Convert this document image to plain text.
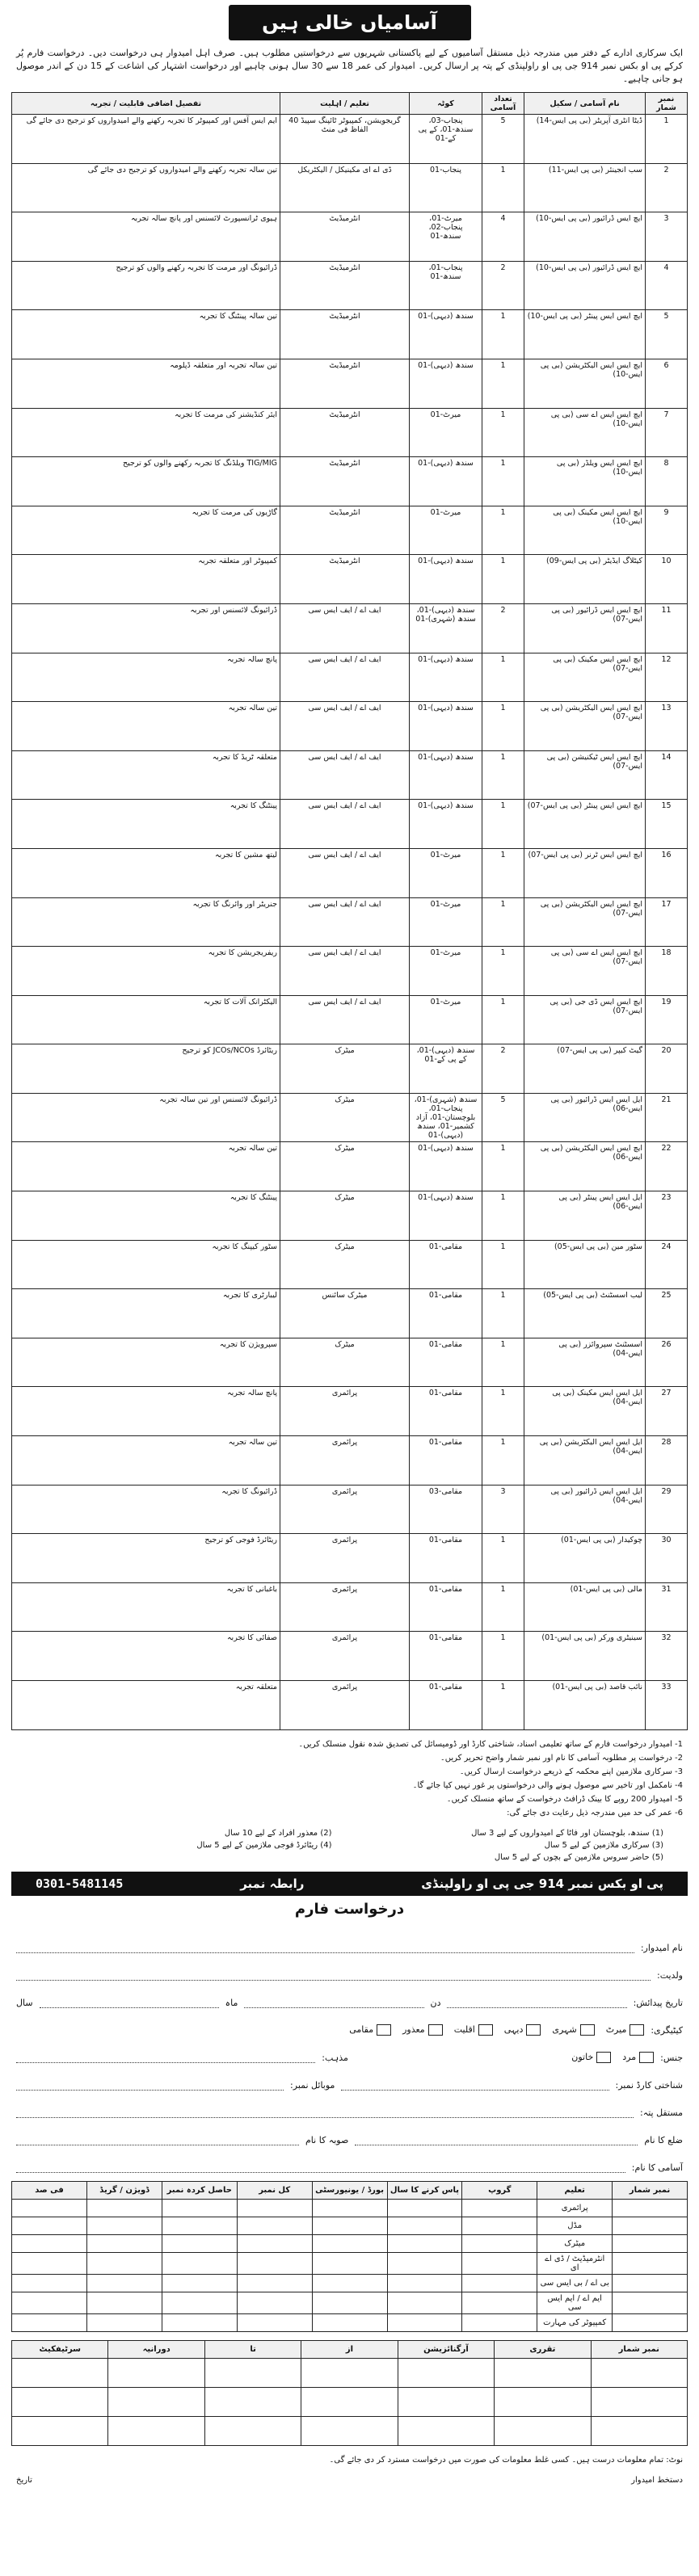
آسامیاں خالی ہیں

ایک سرکاری ادارے کے دفتر میں مندرجہ ذیل مستقل آسامیوں کے لیے پاکستانی شہریوں سے درخواستیں مطلوب ہیں۔ صرف اہل امیدوار ہی درخواست دیں۔ درخواست فارم پُر کرکے پی او بکس نمبر 914 جی پی او راولپنڈی کے پتہ پر ارسال کریں۔ امیدوار کی عمر 18 سے 30 سال ہونی چاہیے اور درخواست اشتہار کی اشاعت کے 15 دن کے اندر موصول ہو جانی چاہیے۔

نمبر شمار	نام آسامی / سکیل	تعداد آسامی	کوٹہ	تعلیم / اہلیت	تفصیل اضافی قابلیت / تجربہ
1	ڈیٹا انٹری آپریٹر (بی پی ایس-14)	5	پنجاب-03، سندھ-01، کے پی کے-01	گریجویشن، کمپیوٹر ٹائپنگ سپیڈ 40 الفاظ فی منٹ	ایم ایس آفس اور کمپیوٹر کا تجربہ رکھنے والے امیدواروں کو ترجیح دی جائے گی
2	سب انجینئر (بی پی ایس-11)	1	پنجاب-01	ڈی اے ای مکینیکل / الیکٹریکل	تین سالہ تجربہ رکھنے والے امیدواروں کو ترجیح دی جائے گی
3	ایچ ایس ڈرائیور (بی پی ایس-10)	4	میرٹ-01، پنجاب-02، سندھ-01	انٹرمیڈیٹ	ہیوی ٹرانسپورٹ لائسنس اور پانچ سالہ تجربہ
4	ایچ ایس ڈرائیور (بی پی ایس-10)	2	پنجاب-01، سندھ-01	انٹرمیڈیٹ	ڈرائیونگ اور مرمت کا تجربہ رکھنے والوں کو ترجیح
5	ایچ ایس ایس پینٹر (بی پی ایس-10)	1	سندھ (دیہی)-01	انٹرمیڈیٹ	تین سالہ پینٹنگ کا تجربہ
6	ایچ ایس ایس الیکٹریشن (بی پی ایس-10)	1	سندھ (دیہی)-01	انٹرمیڈیٹ	تین سالہ تجربہ اور متعلقہ ڈپلومہ
7	ایچ ایس ایس اے سی (بی پی ایس-10)	1	میرٹ-01	انٹرمیڈیٹ	ایئر کنڈیشنر کی مرمت کا تجربہ
8	ایچ ایس ایس ویلڈر (بی پی ایس-10)	1	سندھ (دیہی)-01	انٹرمیڈیٹ	TIG/MIG ویلڈنگ کا تجربہ رکھنے والوں کو ترجیح
9	ایچ ایس ایس مکینک (بی پی ایس-10)	1	میرٹ-01	انٹرمیڈیٹ	گاڑیوں کی مرمت کا تجربہ
10	کیٹلاگ ایڈیٹر (بی پی ایس-09)	1	سندھ (دیہی)-01	انٹرمیڈیٹ	کمپیوٹر اور متعلقہ تجربہ
11	ایچ ایس ایس ڈرائیور (بی پی ایس-07)	2	سندھ (دیہی)-01، سندھ (شہری)-01	ایف اے / ایف ایس سی	ڈرائیونگ لائسنس اور تجربہ
12	ایچ ایس ایس مکینک (بی پی ایس-07)	1	سندھ (دیہی)-01	ایف اے / ایف ایس سی	پانچ سالہ تجربہ
13	ایچ ایس ایس الیکٹریشن (بی پی ایس-07)	1	سندھ (دیہی)-01	ایف اے / ایف ایس سی	تین سالہ تجربہ
14	ایچ ایس ایس ٹیکنیشن (بی پی ایس-07)	1	سندھ (دیہی)-01	ایف اے / ایف ایس سی	متعلقہ ٹریڈ کا تجربہ
15	ایچ ایس ایس پینٹر (بی پی ایس-07)	1	سندھ (دیہی)-01	ایف اے / ایف ایس سی	پینٹنگ کا تجربہ
16	ایچ ایس ایس ٹرنر (بی پی ایس-07)	1	میرٹ-01	ایف اے / ایف ایس سی	لیتھ مشین کا تجربہ
17	ایچ ایس ایس الیکٹریشن (بی پی ایس-07)	1	میرٹ-01	ایف اے / ایف ایس سی	جنریٹر اور وائرنگ کا تجربہ
18	ایچ ایس ایس اے سی (بی پی ایس-07)	1	میرٹ-01	ایف اے / ایف ایس سی	ریفریجریشن کا تجربہ
19	ایچ ایس ایس ڈی جی (بی پی ایس-07)	1	میرٹ-01	ایف اے / ایف ایس سی	الیکٹرانک آلات کا تجربہ
20	گیٹ کیپر (بی پی ایس-07)	2	سندھ (دیہی)-01، کے پی کے-01	میٹرک	ریٹائرڈ JCOs/NCOs کو ترجیح
21	ایل ایس ایس ڈرائیور (بی پی ایس-06)	5	سندھ (شہری)-01، پنجاب-01، بلوچستان-01، آزاد کشمیر-01، سندھ (دیہی)-01	میٹرک	ڈرائیونگ لائسنس اور تین سالہ تجربہ
22	ایچ ایس ایس الیکٹریشن (بی پی ایس-06)	1	سندھ (دیہی)-01	میٹرک	تین سالہ تجربہ
23	ایل ایس ایس پینٹر (بی پی ایس-06)	1	سندھ (دیہی)-01	میٹرک	پینٹنگ کا تجربہ
24	سٹور مین (بی پی ایس-05)	1	مقامی-01	میٹرک	سٹور کیپنگ کا تجربہ
25	لیب اسسٹنٹ (بی پی ایس-05)	1	مقامی-01	میٹرک سائنس	لیبارٹری کا تجربہ
26	اسسٹنٹ سپروائزر (بی پی ایس-04)	1	مقامی-01	میٹرک	سپرویژن کا تجربہ
27	ایل ایس ایس مکینک (بی پی ایس-04)	1	مقامی-01	پرائمری	پانچ سالہ تجربہ
28	ایل ایس ایس الیکٹریشن (بی پی ایس-04)	1	مقامی-01	پرائمری	تین سالہ تجربہ
29	ایل ایس ایس ڈرائیور (بی پی ایس-04)	3	مقامی-03	پرائمری	ڈرائیونگ کا تجربہ
30	چوکیدار (بی پی ایس-01)	1	مقامی-01	پرائمری	ریٹائرڈ فوجی کو ترجیح
31	مالی (بی پی ایس-01)	1	مقامی-01	پرائمری	باغبانی کا تجربہ
32	سینیٹری ورکر (بی پی ایس-01)	1	مقامی-01	پرائمری	صفائی کا تجربہ
33	نائب قاصد (بی پی ایس-01)	1	مقامی-01	پرائمری	متعلقہ تجربہ
1- امیدوار درخواست فارم کے ساتھ تعلیمی اسناد، شناختی کارڈ اور ڈومیسائل کی تصدیق شدہ نقول منسلک کریں۔
2- درخواست پر مطلوبہ آسامی کا نام اور نمبر شمار واضح تحریر کریں۔
3- سرکاری ملازمین اپنے محکمہ کے ذریعے درخواست ارسال کریں۔
4- نامکمل اور تاخیر سے موصول ہونے والی درخواستوں پر غور نہیں کیا جائے گا۔
5- امیدوار 200 روپے کا بینک ڈرافٹ درخواست کے ساتھ منسلک کریں۔
6- عمر کی حد میں مندرجہ ذیل رعایت دی جائے گی:
(1) سندھ، بلوچستان اور فاٹا کے امیدواروں کے لیے 3 سال
(2) معذور افراد کے لیے 10 سال
(3) سرکاری ملازمین کے لیے 5 سال
(4) ریٹائرڈ فوجی ملازمین کے لیے 5 سال
(5) حاضر سروس ملازمین کے بچوں کے لیے 5 سال
0301-5481145	رابطہ نمبر	پی او بکس نمبر 914 جی پی او راولپنڈی
درخواست فارم
نام امیدوار:
ولدیت:
تاریخ پیدائش:
دن
ماہ
سال
کیٹیگری:
میرٹ
شہری
دیہی
اقلیت
معذور
مقامی
جنس:
مرد
خاتون
مذہب:
شناختی کارڈ نمبر:
موبائل نمبر:
مستقل پتہ:
ضلع کا نام
صوبہ کا نام
آسامی کا نام:
نمبر شمار	تعلیم	گروپ	پاس کرنے کا سال	بورڈ / یونیورسٹی	کل نمبر	حاصل کردہ نمبر	ڈویژن / گریڈ	فی صد
	پرائمری							
	مڈل							
	میٹرک							
	انٹرمیڈیٹ / ڈی اے ای							
	بی اے / بی ایس سی							
	ایم اے / ایم ایس سی							
	کمپیوٹر کی مہارت							
نمبر شمار	تقرری	آرگنائزیشن	از	تا	دورانیہ	سرٹیفکیٹ

نوٹ: تمام معلومات درست ہیں۔ کسی غلط معلومات کی صورت میں درخواست مسترد کر دی جائے گی۔

دستخط امیدوار
تاریخ
